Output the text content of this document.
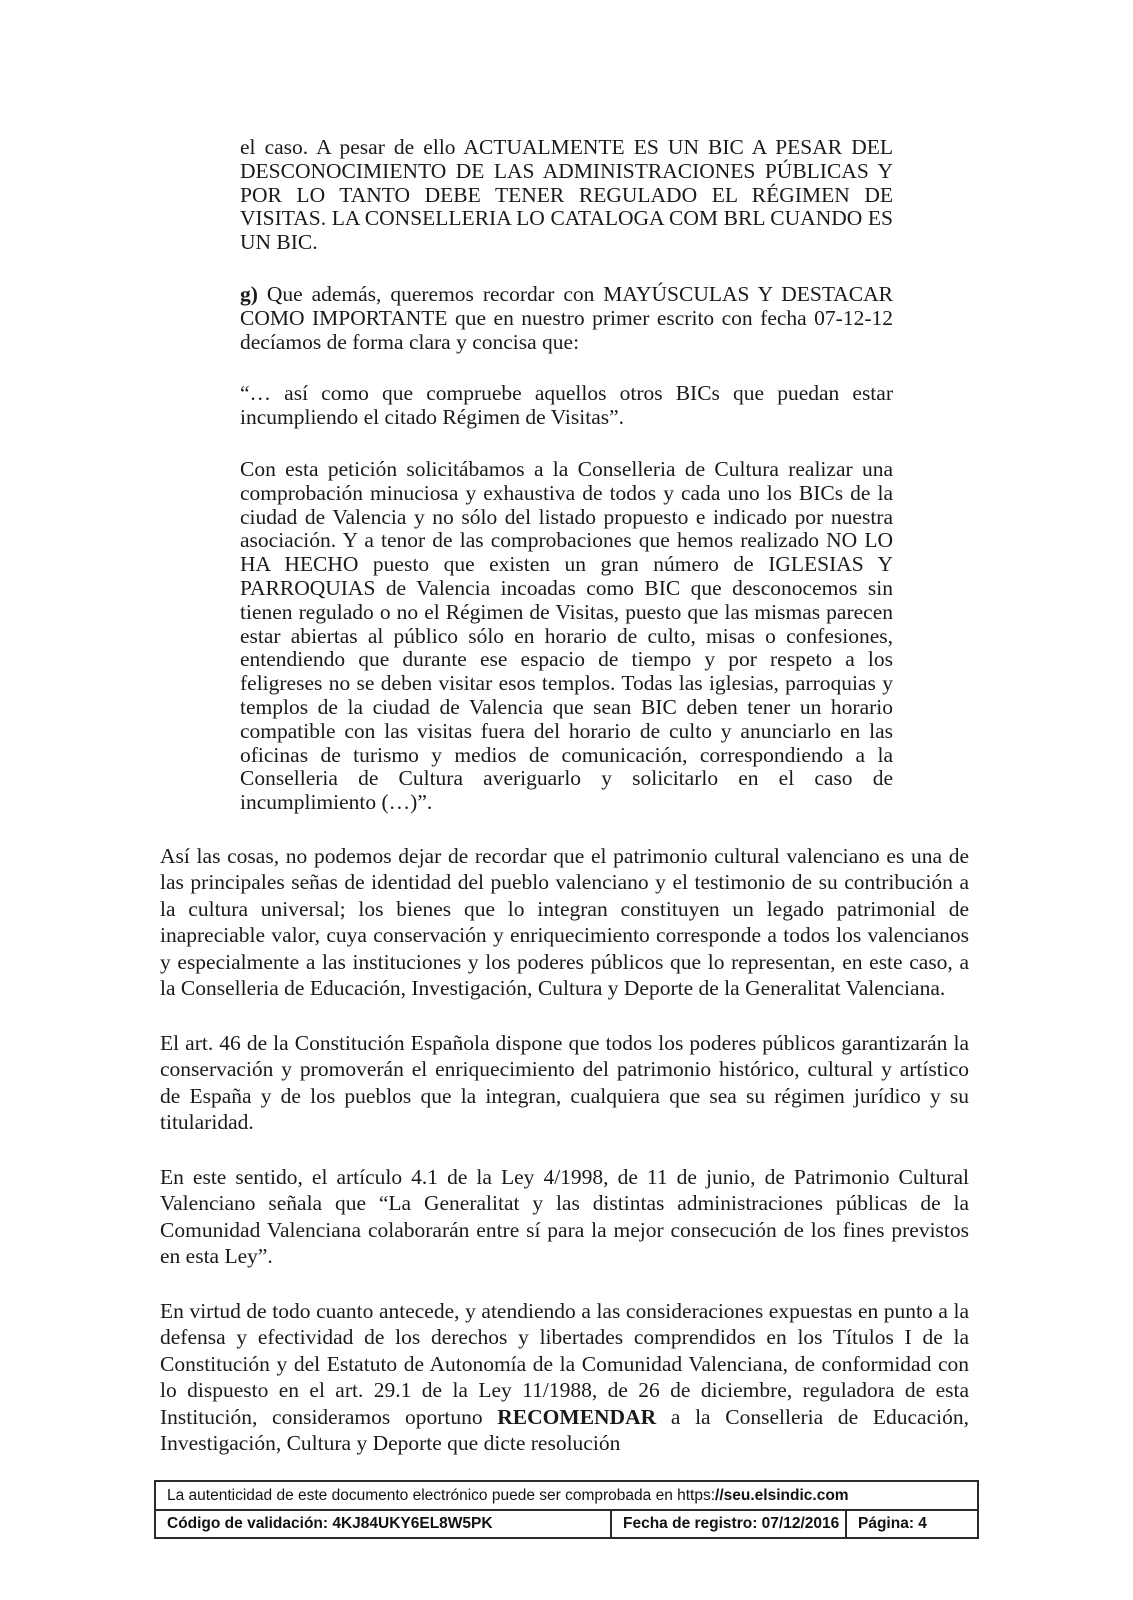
el caso. A pesar de ello ACTUALMENTE ES UN BIC A PESAR DEL DESCONOCIMIENTO DE LAS ADMINISTRACIONES PÚBLICAS Y POR LO TANTO DEBE TENER REGULADO EL RÉGIMEN DE VISITAS. LA CONSELLERIA LO CATALOGA COM BRL CUANDO ES UN BIC.

g) Que además, queremos recordar con MAYÚSCULAS Y DESTACAR COMO IMPORTANTE que en nuestro primer escrito con fecha 07-12-12 decíamos de forma clara y concisa que:

“… así como que compruebe aquellos otros BICs que puedan estar incumpliendo el citado Régimen de Visitas”.

Con esta petición solicitábamos a la Conselleria de Cultura realizar una comprobación minuciosa y exhaustiva de todos y cada uno los BICs de la ciudad de Valencia y no sólo del listado propuesto e indicado por nuestra asociación. Y a tenor de las comprobaciones que hemos realizado NO LO HA HECHO puesto que existen un gran número de IGLESIAS Y PARROQUIAS de Valencia incoadas como BIC que desconocemos sin tienen regulado o no el Régimen de Visitas, puesto que las mismas parecen estar abiertas al público sólo en horario de culto, misas o confesiones, entendiendo que durante ese espacio de tiempo y por respeto a los feligreses no se deben visitar esos templos. Todas las iglesias, parroquias y templos de la ciudad de Valencia que sean BIC deben tener un horario compatible con las visitas fuera del horario de culto y anunciarlo en las oficinas de turismo y medios de comunicación, correspondiendo a la Conselleria de Cultura averiguarlo y solicitarlo en el caso de incumplimiento (…)”.

Así las cosas, no podemos dejar de recordar que el patrimonio cultural valenciano es una de las principales señas de identidad del pueblo valenciano y el testimonio de su contribución a la cultura universal; los bienes que lo integran constituyen un legado patrimonial de inapreciable valor, cuya conservación y enriquecimiento corresponde a todos los valencianos y especialmente a las instituciones y los poderes públicos que lo representan, en este caso, a la Conselleria de Educación, Investigación, Cultura y Deporte de la Generalitat Valenciana.

El art. 46 de la Constitución Española dispone que todos los poderes públicos garantizarán la conservación y promoverán el enriquecimiento del patrimonio histórico, cultural y artístico de España y de los pueblos que la integran, cualquiera que sea su régimen jurídico y su titularidad.

En este sentido, el artículo 4.1 de la Ley 4/1998, de 11 de junio, de Patrimonio Cultural Valenciano señala que “La Generalitat y las distintas administraciones públicas de la Comunidad Valenciana colaborarán entre sí para la mejor consecución de los fines previstos en esta Ley”.

En virtud de todo cuanto antecede, y atendiendo a las consideraciones expuestas en punto a la defensa y efectividad de los derechos y libertades comprendidos en los Títulos I de la Constitución y del Estatuto de Autonomía de la Comunidad Valenciana, de conformidad con lo dispuesto en el art. 29.1 de la Ley 11/1988, de 26 de diciembre, reguladora de esta Institución, consideramos oportuno RECOMENDAR a la Conselleria de Educación, Investigación, Cultura y Deporte que dicte resolución

La autenticidad de este documento electrónico puede ser comprobada en https: //seu.elsindic.com
Código de validación: 4KJ84UKY6EL8W5PK	Fecha de registro: 07/12/2016	Página: 4
